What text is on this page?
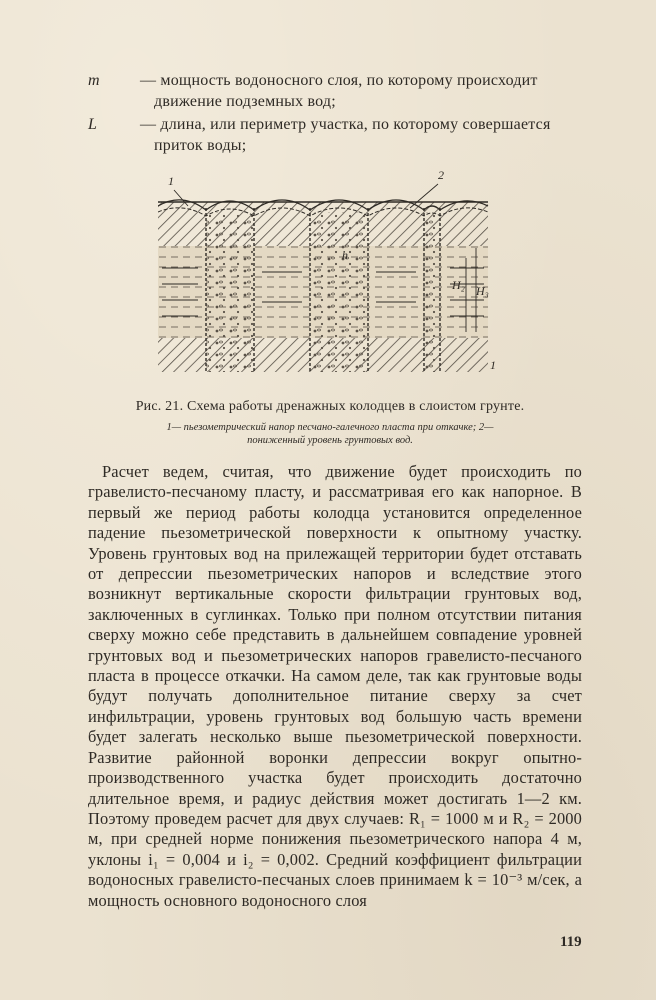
m	— мощность водоносного слоя, по которому происходит движение подземных вод;
L	— длина, или периметр участка, по которому совершается приток воды;
1	2
h
H₂ H₃
1
Рис. 21. Схема работы дренажных колодцев в слоистом грунте.
1— пьезометрический напор песчано-галечного пласта при откачке; 2— пониженный уровень грунтовых вод.

Расчет ведем, считая, что движение будет происходить по гравелисто-песчаному пласту, и рассматривая его как напорное. В первый же период работы колодца установится определенное падение пьезометрической поверхности к опытному участку. Уровень грунтовых вод на прилежащей территории будет отставать от депрессии пьезометрических напоров и вследствие этого возникнут вертикальные скорости фильтрации грунтовых вод, заключенных в суглинках. Только при полном отсутствии питания сверху можно себе представить в дальнейшем совпадение уровней грунтовых вод и пьезометрических напоров гравелисто-песчаного пласта в процессе откачки. На самом деле, так как грунтовые воды будут получать дополнительное питание сверху за счет инфильтрации, уровень грунтовых вод большую часть времени будет залегать несколько выше пьезометрической поверхности. Развитие районной воронки депрессии вокруг опытно-производственного участка будет происходить достаточно длительное время, и радиус действия может достигать 1—2 км. Поэтому проведем расчет для двух случаев: R₁ = 1000 м и R₂ = 2000 м, при средней норме понижения пьезометрического напора 4 м, уклоны i₁ = 0,004 и i₂ = 0,002. Средний коэффициент фильтрации водоносных гравелисто-песчаных слоев принимаем k = 10⁻³ м/сек, а мощность основного водоносного слоя

119
